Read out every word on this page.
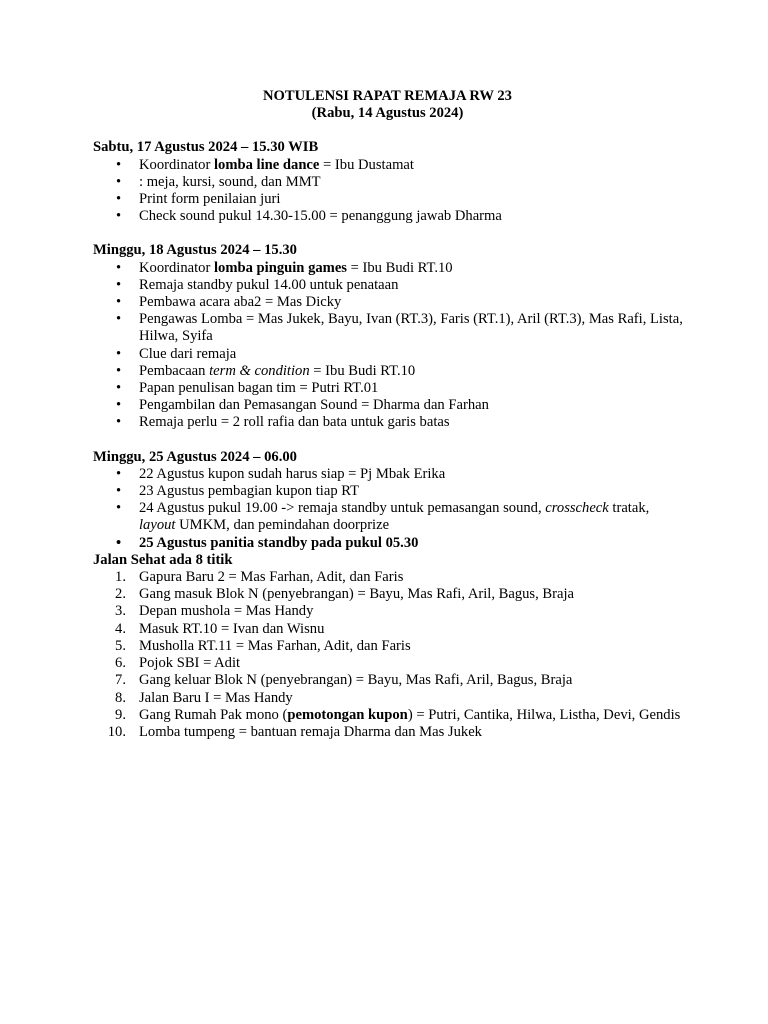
NOTULENSI RAPAT REMAJA RW 23
(Rabu, 14 Agustus 2024)
Sabtu, 17 Agustus 2024 – 15.30 WIB
• Koordinator lomba line dance = Ibu Dustamat
• : meja, kursi, sound, dan MMT
• Print form penilaian juri
• Check sound pukul 14.30-15.00 = penanggung jawab Dharma
Minggu, 18 Agustus 2024 – 15.30
• Koordinator lomba pinguin games = Ibu Budi RT.10
• Remaja standby pukul 14.00 untuk penataan
• Pembawa acara aba2 = Mas Dicky
• Pengawas Lomba = Mas Jukek, Bayu, Ivan (RT.3), Faris (RT.1), Aril (RT.3), Mas Rafi, Lista, Hilwa, Syifa
• Clue dari remaja
• Pembacaan term & condition = Ibu Budi RT.10
• Papan penulisan bagan tim = Putri RT.01
• Pengambilan dan Pemasangan Sound = Dharma dan Farhan
• Remaja perlu = 2 roll rafia dan bata untuk garis batas
Minggu, 25 Agustus 2024 – 06.00
• 22 Agustus kupon sudah harus siap = Pj Mbak Erika
• 23 Agustus pembagian kupon tiap RT
• 24 Agustus pukul 19.00 -> remaja standby untuk pemasangan sound, crosscheck tratak, layout UMKM, dan pemindahan doorprize
• 25 Agustus panitia standby pada pukul 05.30
Jalan Sehat ada 8 titik
1. Gapura Baru 2 = Mas Farhan, Adit, dan Faris
2. Gang masuk Blok N (penyebrangan) = Bayu, Mas Rafi, Aril, Bagus, Braja
3. Depan mushola = Mas Handy
4. Masuk RT.10 = Ivan dan Wisnu
5. Musholla RT.11 = Mas Farhan, Adit, dan Faris
6. Pojok SBI = Adit
7. Gang keluar Blok N (penyebrangan) = Bayu, Mas Rafi, Aril, Bagus, Braja
8. Jalan Baru I = Mas Handy
9. Gang Rumah Pak mono (pemotongan kupon) = Putri, Cantika, Hilwa, Listha, Devi, Gendis
10. Lomba tumpeng = bantuan remaja Dharma dan Mas Jukek
